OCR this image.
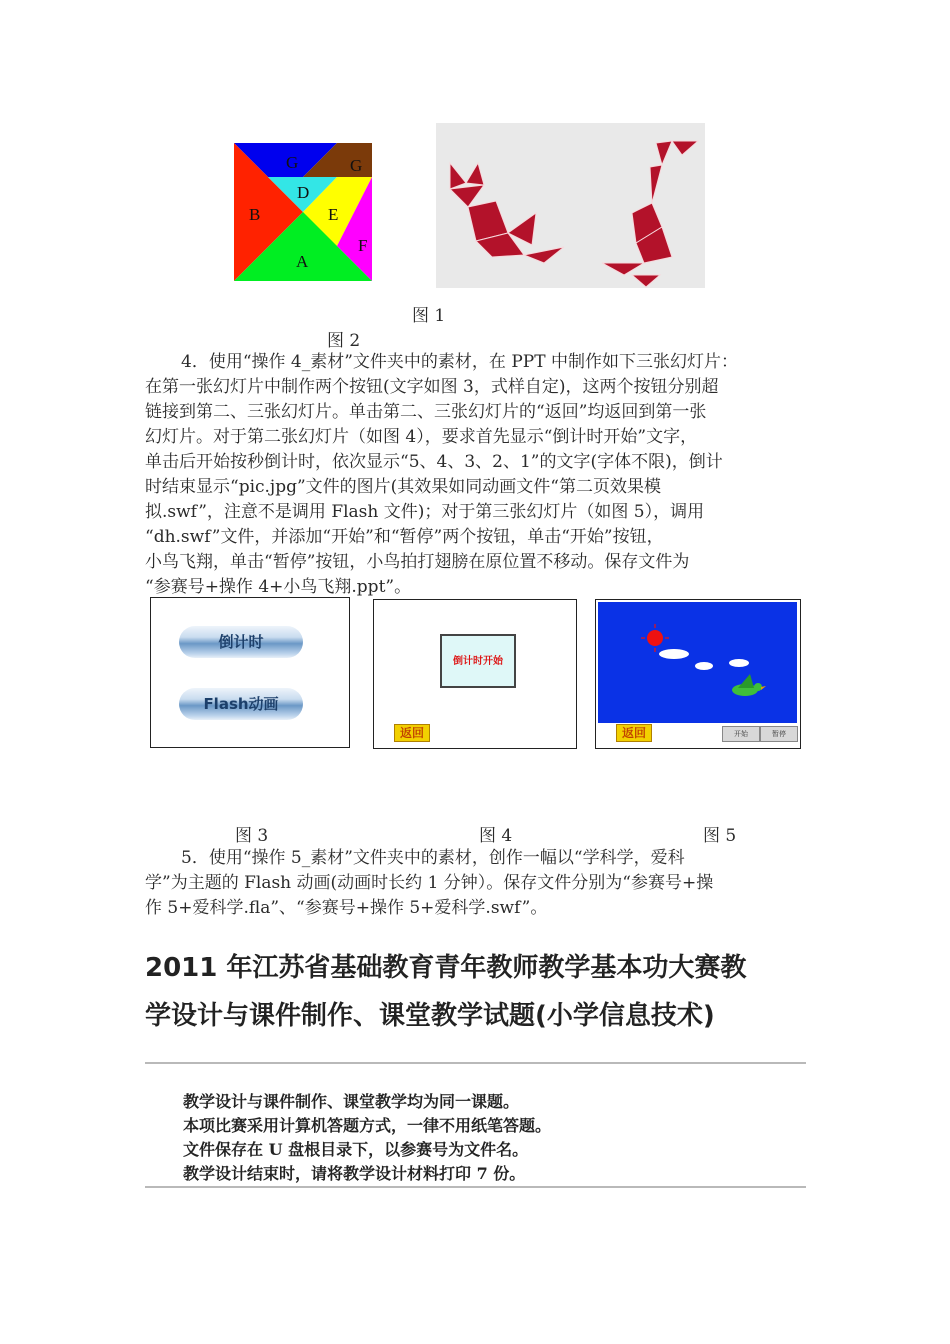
G	G
D
E
B
F
A
图 1
图 2
4．使用“操作 4_素材”文件夹中的素材，在 PPT 中制作如下三张幻灯片：
在第一张幻灯片中制作两个按钮(文字如图 3，式样自定)，这两个按钮分别超
链接到第二、三张幻灯片。单击第二、三张幻灯片的“返回”均返回到第一张
幻灯片。对于第二张幻灯片（如图 4），要求首先显示“倒计时开始”文字，
单击后开始按秒倒计时，依次显示“5、4、3、2、1”的文字(字体不限)，倒计
时结束显示“pic.jpg”文件的图片(其效果如同动画文件“第二页效果模
拟.swf”，注意不是调用 Flash 文件)；对于第三张幻灯片（如图 5），调用
“dh.swf”文件，并添加“开始”和“暂停”两个按钮，单击“开始”按钮，
小鸟飞翔，单击“暂停”按钮，小鸟拍打翅膀在原位置不移动。保存文件为
“参赛号+操作 4+小鸟飞翔.ppt”。
倒计时
Flash动画
倒计时开始
返回	返回	开始	暂停
图 3	图 4	图 5
5．使用“操作 5_素材”文件夹中的素材，创作一幅以“学科学，爱科
学”为主题的 Flash 动画(动画时长约 1 分钟）。保存文件分别为“参赛号+操
作 5+爱科学.fla”、“参赛号+操作 5+爱科学.swf”。
2011 年江苏省基础教育青年教师教学基本功大赛教
学设计与课件制作、课堂教学试题(小学信息技术)
教学设计与课件制作、课堂教学均为同一课题。
本项比赛采用计算机答题方式，一律不用纸笔答题。
文件保存在 U 盘根目录下，以参赛号为文件名。
教学设计结束时，请将教学设计材料打印 7 份。
